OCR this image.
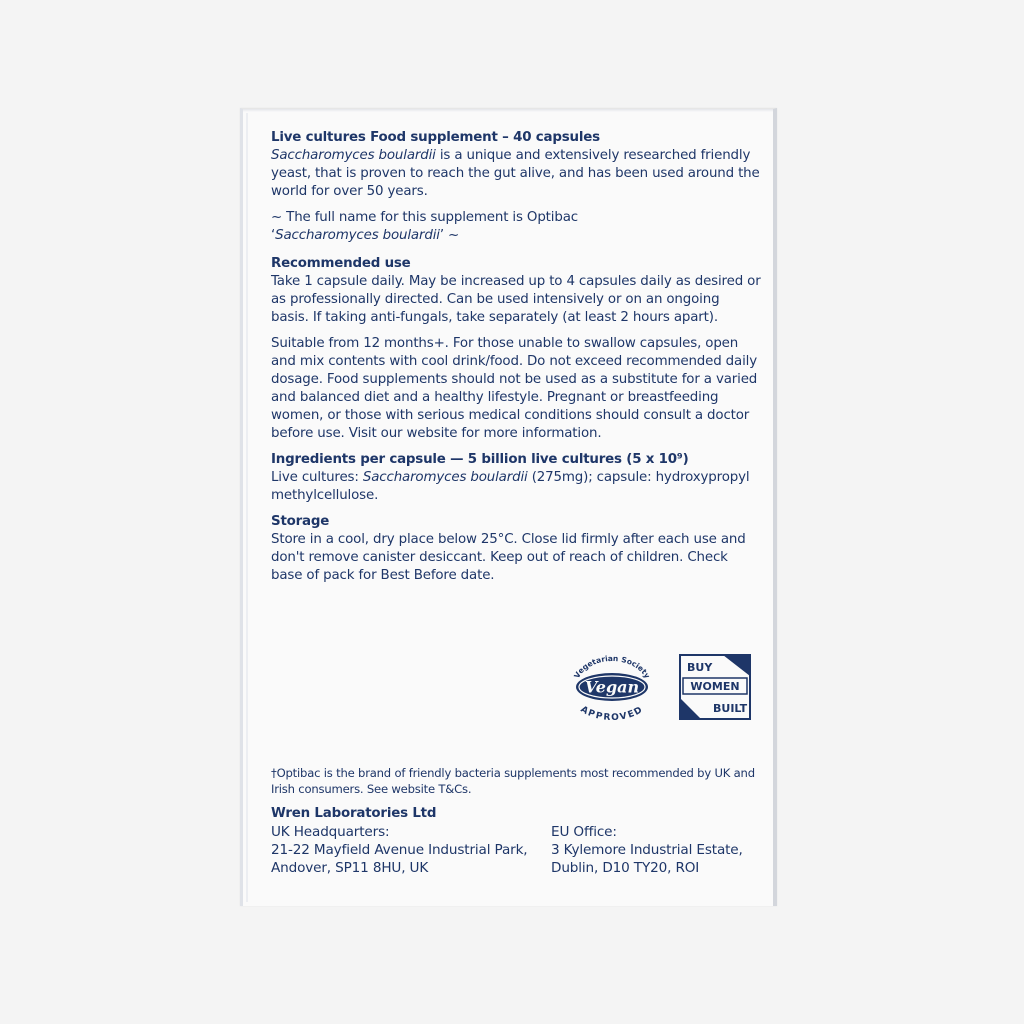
Live cultures Food supplement – 40 capsules

Saccharomyces boulardii is a unique and extensively researched friendly yeast, that is proven to reach the gut alive, and has been used around the world for over 50 years.

~ The full name for this supplement is Optibac

‘Saccharomyces boulardii’ ~

Recommended use

Take 1 capsule daily. May be increased up to 4 capsules daily as desired or as professionally directed. Can be used intensively or on an ongoing basis. If taking anti-fungals, take separately (at least 2 hours apart).

Suitable from 12 months+. For those unable to swallow capsules, open and mix contents with cool drink/food. Do not exceed recommended daily dosage. Food supplements should not be used as a substitute for a varied and balanced diet and a healthy lifestyle. Pregnant or breastfeeding women, or those with serious medical conditions should consult a doctor before use. Visit our website for more information.

Ingredients per capsule — 5 billion live cultures (5 x 10⁹)

Live cultures: Saccharomyces boulardii (275mg); capsule: hydroxypropyl methylcellulose.

Storage

Store in a cool, dry place below 25°C. Close lid firmly after each use and don't remove canister desiccant. Keep out of reach of children. Check base of pack for Best Before date.

Vegetarian Society
Vegan
APPROVED
BUY
WOMEN
BUILT

†Optibac is the brand of friendly bacteria supplements most recommended by UK and Irish consumers. See website T&Cs.

Wren Laboratories Ltd

UK Headquarters:

21-22 Mayfield Avenue Industrial Park,

Andover, SP11 8HU, UK

EU Office:

3 Kylemore Industrial Estate,

Dublin, D10 TY20, ROI
